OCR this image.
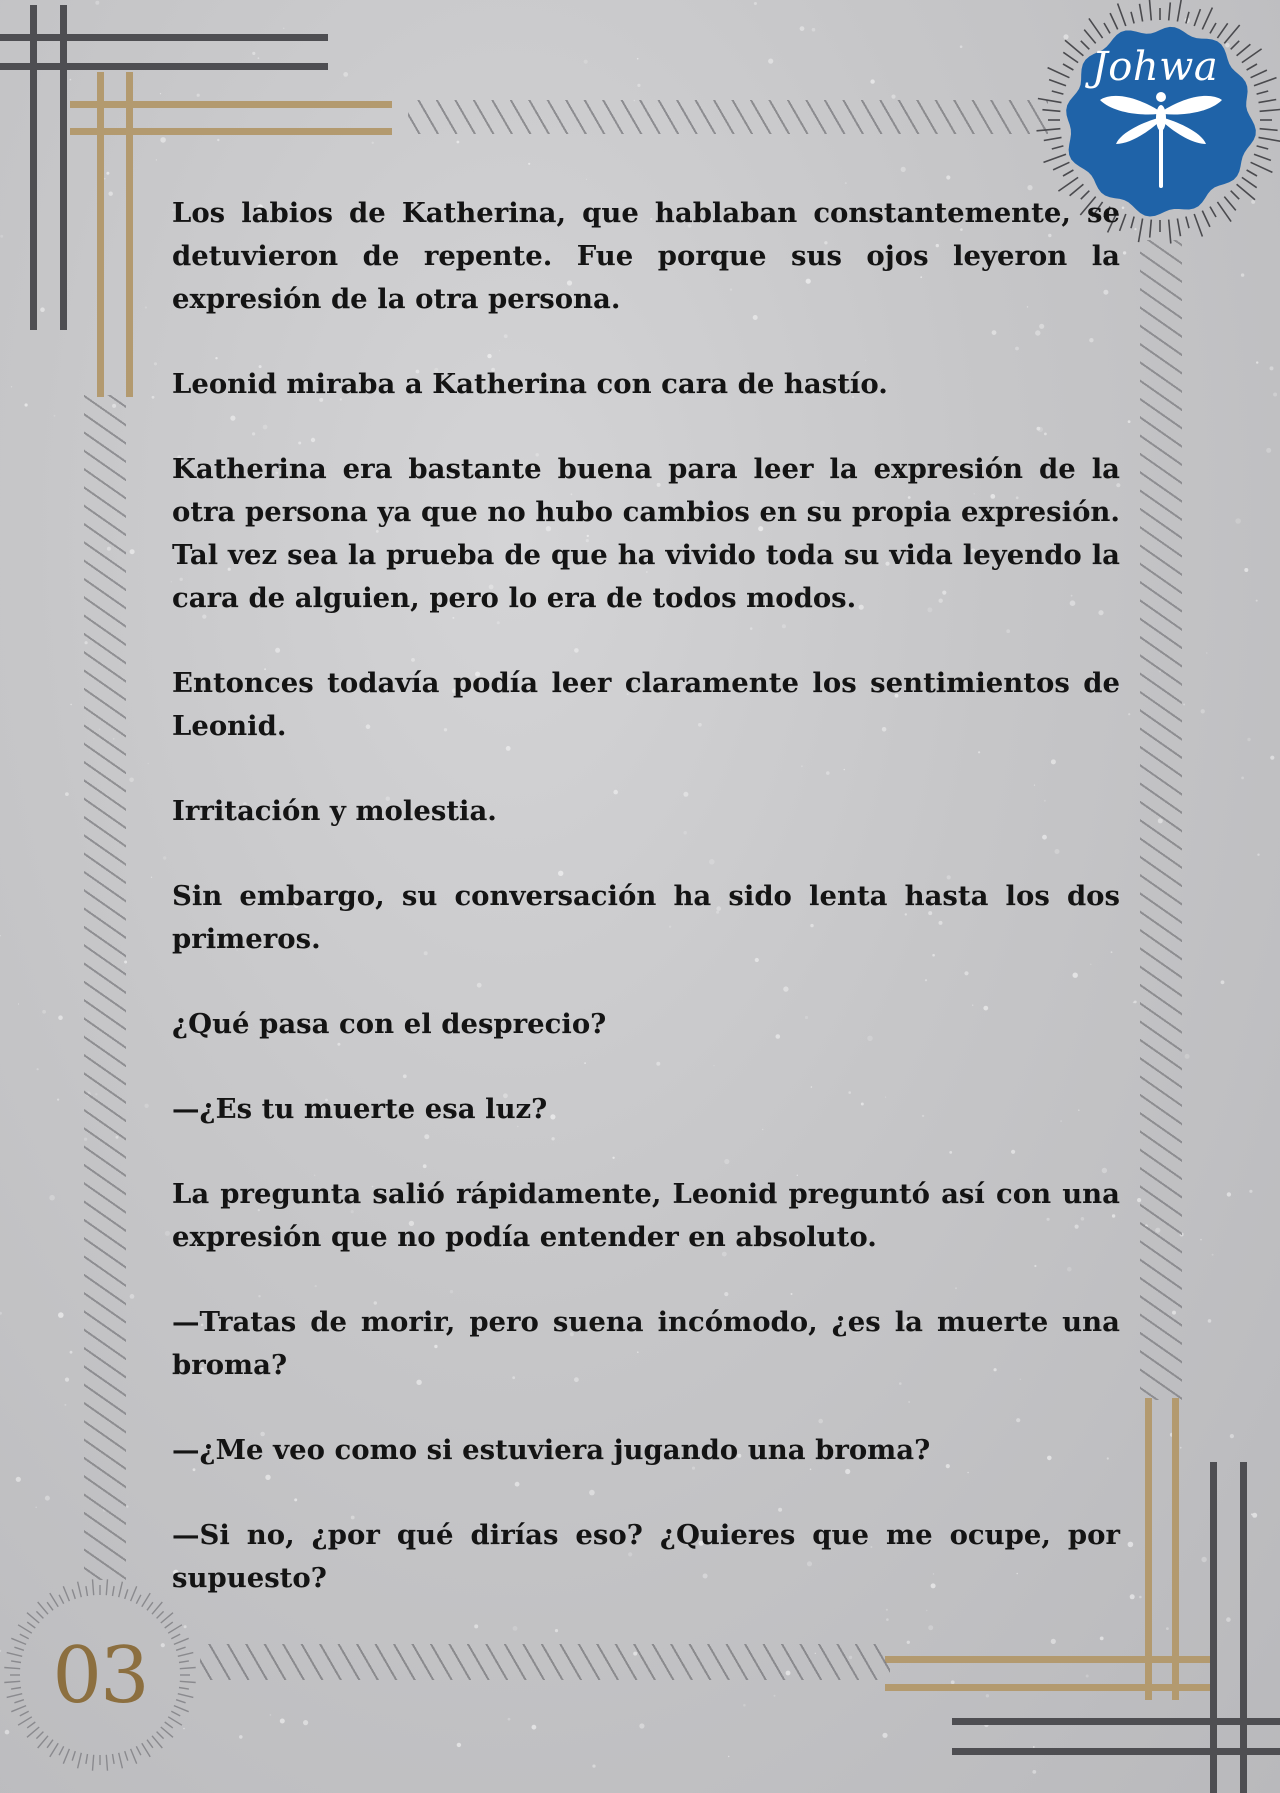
Johwa
03

Los labios de Katherina, que hablaban constantemente, se detuvieron de repente. Fue porque sus ojos leyeron la expresión de la otra persona.

Leonid miraba a Katherina con cara de hastío.

Katherina era bastante buena para leer la expresión de la otra persona ya que no hubo cambios en su propia expresión. Tal vez sea la prueba de que ha vivido toda su vida leyendo la cara de alguien, pero lo era de todos modos.

Entonces todavía podía leer claramente los sentimientos de Leonid.

Irritación y molestia.

Sin embargo, su conversación ha sido lenta hasta los dos primeros.

¿Qué pasa con el desprecio?

—¿Es tu muerte esa luz?

La pregunta salió rápidamente, Leonid preguntó así con una expresión que no podía entender en absoluto.

—Tratas de morir, pero suena incómodo, ¿es la muerte una broma?

—¿Me veo como si estuviera jugando una broma?

—Si no, ¿por qué dirías eso? ¿Quieres que me ocupe, por supuesto?
